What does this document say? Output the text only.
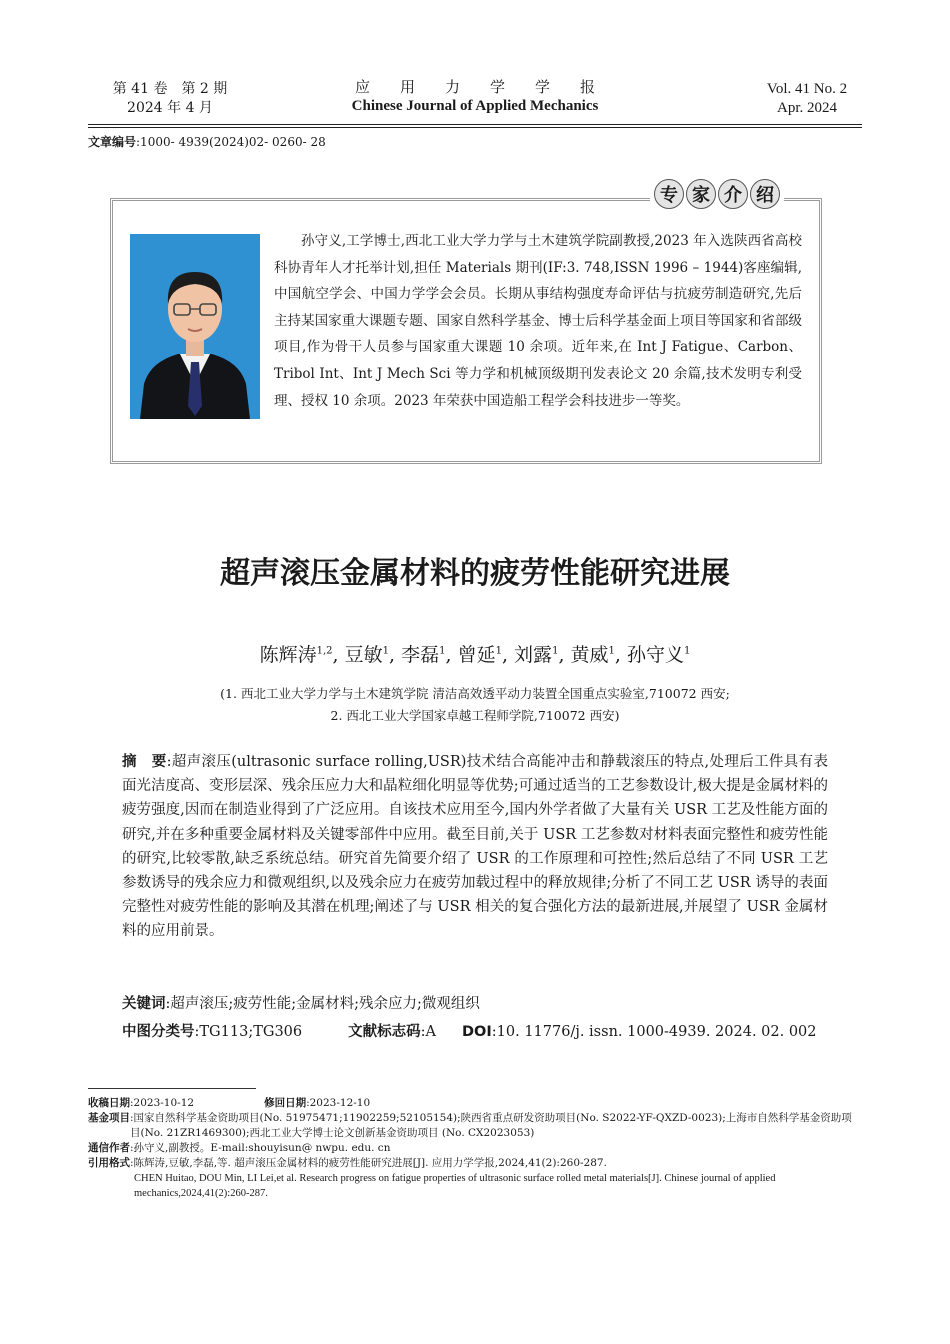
第 41 卷　第 2 期
2024 年 4 月
应用力学学报
Chinese Journal of Applied Mechanics
Vol. 41 No. 2
Apr. 2024
文章编号:1000- 4939(2024)02- 0260- 28
专 家 介 绍
孙守义,工学博士,西北工业大学力学与土木建筑学院副教授,2023 年入选陕西省高校科协青年人才托举计划,担任 Materials 期刊(IF:3. 748,ISSN 1996 – 1944)客座编辑,中国航空学会、中国力学学会会员。长期从事结构强度寿命评估与抗疲劳制造研究,先后主持某国家重大课题专题、国家自然科学基金、博士后科学基金面上项目等国家和省部级项目,作为骨干人员参与国家重大课题 10 余项。近年来,在 Int J Fatigue、Carbon、Tribol Int、Int J Mech Sci 等力学和机械顶级期刊发表论文 20 余篇,技术发明专利受理、授权 10 余项。2023 年荣获中国造船工程学会科技进步一等奖。
超声滚压金属材料的疲劳性能研究进展
陈辉涛$^{1,2}$, 豆敏$^1$, 李磊$^1$, 曾延$^1$, 刘露$^1$, 黄威$^1$, 孙守义$^1$
(1. 西北工业大学力学与土木建筑学院 清洁高效透平动力装置全国重点实验室,710072 西安;
2. 西北工业大学国家卓越工程师学院,710072 西安)
摘　要:超声滚压(ultrasonic surface rolling,USR)技术结合高能冲击和静载滚压的特点,处理后工件具有表面光洁度高、变形层深、残余压应力大和晶粒细化明显等优势;可通过适当的工艺参数设计,极大提是金属材料的疲劳强度,因而在制造业得到了广泛应用。自该技术应用至今,国内外学者做了大量有关 USR 工艺及性能方面的研究,并在多种重要金属材料及关键零部件中应用。截至目前,关于 USR 工艺参数对材料表面完整性和疲劳性能的研究,比较零散,缺乏系统总结。研究首先简要介绍了 USR 的工作原理和可控性;然后总结了不同 USR 工艺参数诱导的残余应力和微观组织,以及残余应力在疲劳加载过程中的释放规律;分析了不同工艺 USR 诱导的表面完整性对疲劳性能的影响及其潜在机理;阐述了与 USR 相关的复合强化方法的最新进展,并展望了 USR 金属材料的应用前景。
关键词:超声滚压;疲劳性能;金属材料;残余应力;微观组织
中图分类号:TG113;TG306	文献标志码:A DOI:10. 11776/j. issn. 1000-4939. 2024. 02. 002
收稿日期:2023-10-12	修回日期:2023-12-10
基金项目 :国家自然科学基金资助项目(No. 51975471;11902259;52105154);陕西省重点研发资助项目(No. S2022-YF-QXZD-0023);上海市自然科学基金资助项目(No. 21ZR1469300);西北工业大学博士论文创新基金资助项目 (No. CX2023053)
通信作者 :孙守义,副教授。E-mail:shouyisun@ nwpu. edu. cn
引用格式 :陈辉涛,豆敏,李磊,等. 超声滚压金属材料的疲劳性能研究进展[J]. 应用力学学报,2024,41(2):260-287.
CHEN Huitao, DOU Min, LI Lei,et al. Research progress on fatigue properties of ultrasonic surface rolled metal materials[J]. Chinese journal of applied mechanics,2024,41(2):260-287.
